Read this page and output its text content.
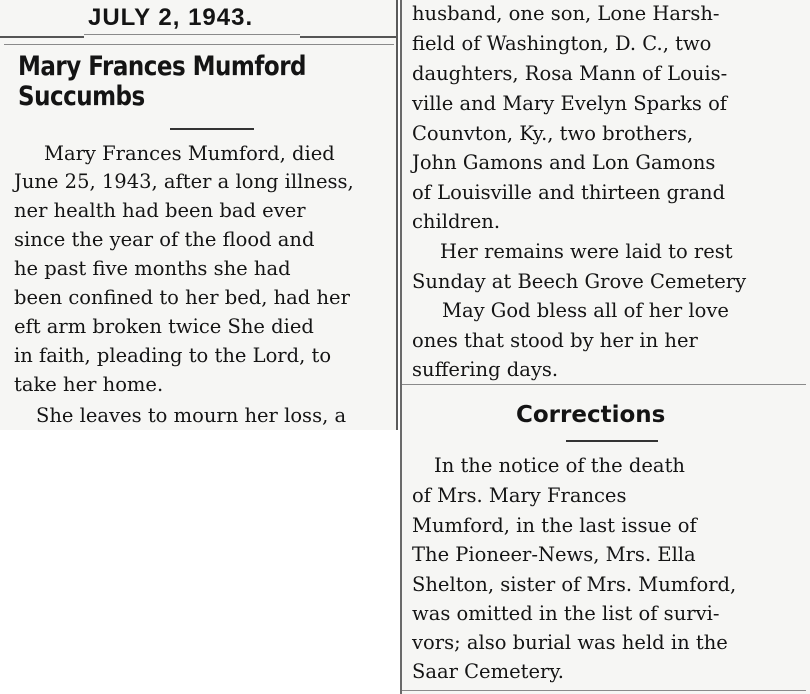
JULY 2, 1943.
Mary Frances Mumford
Succumbs
Mary Frances Mumford, died
June 25, 1943, after a long illness,
ner health had been bad ever
since the year of the flood and
he past five months she had
been confined to her bed, had her
eft arm broken twice She died
in faith, pleading to the Lord, to
take her home.
She leaves to mourn her loss, a
husband, one son, Lone Harsh-
field of Washington, D. C., two
daughters, Rosa Mann of Louis-
ville and Mary Evelyn Sparks of
Counvton, Ky., two brothers,
John Gamons and Lon Gamons
of Louisville and thirteen grand
children.
Her remains were laid to rest
Sunday at Beech Grove Cemetery
May God bless all of her love
ones that stood by her in her
suffering days.
Corrections
In the notice of the death
of Mrs. Mary Frances
Mumford, in the last issue of
The Pioneer-News, Mrs. Ella
Shelton, sister of Mrs. Mumford,
was omitted in the list of survi-
vors; also burial was held in the
Saar Cemetery.
